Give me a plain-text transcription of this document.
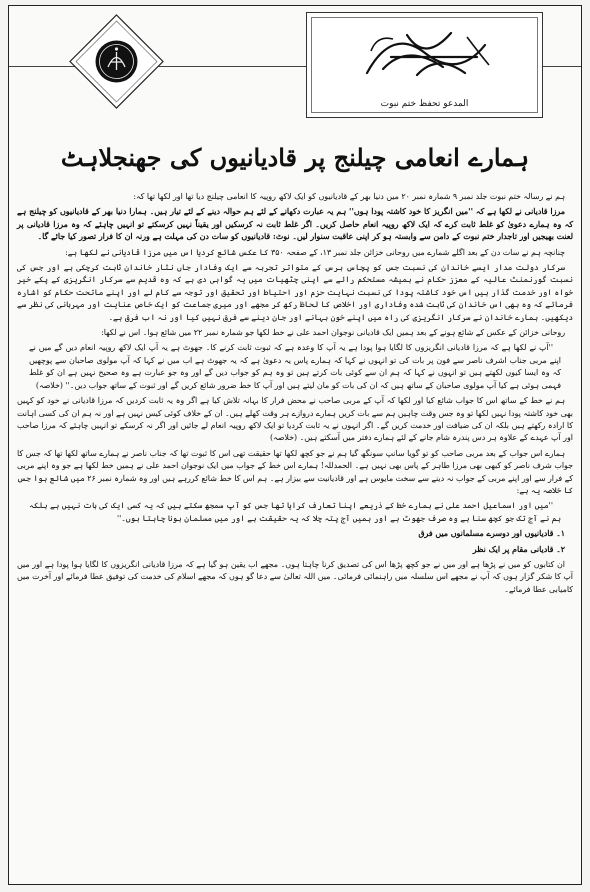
المدعو تحفظ ختم نبوت
ہمارے انعامی چیلنج پر قادیانیوں کی جھنجلاہٹ

ہم نے رسالہ ختم نبوت جلد نمبر ۹ شمارہ نمبر ۲۰ میں دنیا بھر کے قادیانیوں کو ایک لاکھ روپیہ کا انعامی چیلنج دیا تھا اور لکھا تھا کہ:

مرزا قادیانی نے لکھا ہے کہ ''میں انگریز کا خود کاشتہ پودا ہوں'' ہم یہ عبارت دکھانے کے لئے ہم حوالہ دینے کے لئے تیار ہیں۔ ہمارا دنیا بھر کے قادیانیوں کو چیلنج ہے کہ وہ ہمارے دعویٰ کو غلط ثابت کرے کہ ایک لاکھ روپیہ انعام حاصل کریں۔ اگر غلط ثابت نہ کرسکیں اور یقیناً نہیں کرسکتے تو انہیں چاہئے کہ وہ مرزا قادیانی پر لعنت بھیجیں اور تاجدار ختم نبوت کے دامن سے وابستہ ہو کر اپنی عاقبت سنوار لیں۔ نوٹ: قادیانیوں کو سات دن کی مہلت ہے ورنہ ان کا فرار تصور کیا جائے گا۔

چنانچہ ہم نے سات دن کے بعد اگلے شمارے میں روحانی خزائن جلد نمبر ۱۳، کے صفحہ ۳۵۰ کا عکس شائع کردیا اس میں مرزا قادیانی نے لکھا ہے:

سرکار دولت مدار ایسے خاندان کی نسبت جس کو پچاس برس کے متواتر تجربہ سے ایک وفادار جاں نثار خاندان ثابت کرچکی ہے اور جس کی نسبت گورنمنٹ عالیہ کے معزز حکام نے ہمیشہ مستحکم رائے سے اپنی چٹھیات میں یہ گواہی دی ہے کہ وہ قدیم سے سرکار انگریزی کے پکے خیر خواہ اور خدمت گذار ہیں اس خود کاشتہ پودا کی نسبت نہایت حزم اور احتیاط اور تحقیق اور توجہ سے کام لے اور اپنے ماتحت حکام کو اشارہ فرمائے کہ وہ بھی اس خاندان کی ثابت شدہ وفاداری اور اخلاص کا لحاظ رکھ کر مجھے اور میری جماعت کو ایک خاص عنایت اور مہربانی کی نظر سے دیکھیں۔ ہمارے خاندان نے سرکار انگریزی کی راہ میں اپنے خون بہانے اور جان دینے سے فرق نہیں کیا اور نہ اب فرق ہے۔

روحانی خزائن کے عکس کے شائع ہونے کے بعد ہمیں ایک قادیانی نوجوان احمد علی نے خط لکھا جو شمارہ نمبر ۲۲ میں شائع ہوا۔ اس نے لکھا:

''آپ نے لکھا ہے کہ مرزا قادیانی انگریزوں کا لگایا ہوا پودا ہے یہ آپ کا وعدہ ہے کہ ثبوت ثابت کرنے کا۔ جھوٹ ہے یہ آپ ایک لاکھ روپیہ انعام دیں گے میں نے اپنے مربی جناب اشرف ناصر سے فون پر بات کی تو انہوں نے کہا کہ ہمارے پاس یہ دعویٰ ہے کہ یہ جھوٹ ہے اب میں نے کہا کہ آپ مولوی صاحبان سے پوچھیں کہ وہ ایسا کیوں لکھتے ہیں تو انہوں نے کہا کہ ہم ان سے کوئی بات کرتے ہیں تو وہ ہم کو جواب دیں گے اور وہ جو عبارت ہے وہ صحیح نہیں ہے ان کو غلط فہمی ہوئی ہے کیا آپ مولوی صاحبان کے ساتھ ہیں کہ ان کی بات کو مان لیتے ہیں اور آپ کا خط ضرور شائع کریں گے اور ثبوت کے ساتھ جواب دیں۔'' (خلاصہ)

ہم نے خط کے ساتھ اس کا جواب شائع کیا اور لکھا کہ آپ کے مربی صاحب نے محض فرار کا بہانہ تلاش کیا ہے اگر وہ یہ ثابت کردیں کہ مرزا قادیانی نے خود کو کہیں بھی خود کاشتہ پودا نہیں لکھا تو وہ جس وقت چاہیں ہم سے بات کریں ہمارے دروازے ہر وقت کھلے ہیں۔ ان کے خلاف کوئی کیس نہیں ہے اور نہ ہم ان کی کسی اہانت کا ارادہ رکھتے ہیں بلکہ ان کی ضیافت اور خدمت کریں گے۔ اگر انہوں نے یہ ثابت کردیا تو ایک لاکھ روپیہ انعام لے جائیں اور اگر نہ کرسکے تو انہیں چاہئے کہ مرزا صاحب اور آپ عہدے کے علاوہ ہر دس پندرہ شام جانے کے لئے ہمارے دفتر میں آسکتے ہیں۔ (خلاصہ)

ہمارے اس جواب کے بعد مربی صاحب کو تو گویا سانپ سونگھ گیا ہم نے جو کچھ لکھا تھا حقیقت تھی اس کا ثبوت تھا کہ جناب ناصر نے ہمارے ساتھ لکھا تھا کہ جس کا جواب شرف ناصر کو کبھی بھی مرزا طاہر کے پاس بھی نہیں ہے۔ الحمدللہ! ہمارے اس خط کے جواب میں ایک نوجوان احمد علی نے ہمیں خط لکھا ہے جو وہ اپنے مربی کے فرار سے اور اپنے مربی کے جواب نہ دینے سے سخت مایوس ہے اور قادیانیت سے بیزار ہے۔ ہم اس کا خط شائع کررہے ہیں اور وہ شمارہ نمبر ۲۶ میں شائع ہوا جس کا خلاصہ یہ ہے:

''میں اور اسماعیل احمد علی نے ہمارے خط کے ذریعے اپنا تعارف کرایا تھا جس کو آپ سمجھ سکتے ہیں کہ یہ کسی ایک کی بات نہیں ہے بلکہ ہم نے آج تک جو کچھ سنا ہے وہ صرف جھوٹ ہے اور ہمیں آج پتہ چلا کہ یہ حقیقت ہے اور میں مسلمان ہونا چاہتا ہوں۔''

۱۔ قادیانیوں اور دوسرے مسلمانوں میں فرق

۲۔ قادیانی مقام پر ایک نظر

ان کتابوں کو میں نے پڑھا ہے اور میں نے جو کچھ پڑھا اس کی تصدیق کرنا چاہتا ہوں۔ مجھے اب یقین ہو گیا ہے کہ مرزا قادیانی انگریزوں کا لگایا ہوا پودا ہے اور میں آپ کا شکر گزار ہوں کہ آپ نے مجھے اس سلسلہ میں راہنمائی فرمائی۔ میں اللہ تعالیٰ سے دعا گو ہوں کہ مجھے اسلام کی خدمت کی توفیق عطا فرمائے اور آخرت میں کامیابی عطا فرمائے۔
